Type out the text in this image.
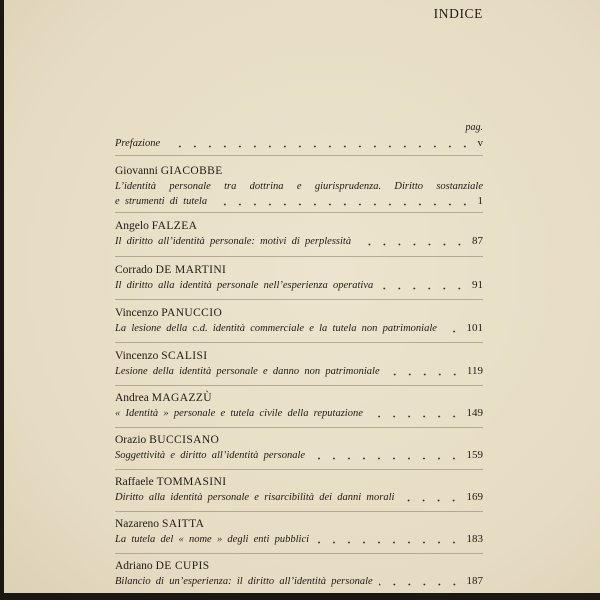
INDICE
pag.
Prefazione	v
Giovanni GIACOBBE
L’identità personale tra dottrina e giurisprudenza. Diritto sostanziale
e strumenti di tutela	1
Angelo FALZEA
Il diritto all’identità personale: motivi di perplessità	87
Corrado DE MARTINI
Il diritto alla identità personale nell’esperienza operativa	91
Vincenzo PANUCCIO
La lesione della c.d. identità commerciale e la tutela non patrimoniale	101
Vincenzo SCALISI
Lesione della identità personale e danno non patrimoniale	119
Andrea MAGAZZÙ
« Identità » personale e tutela civile della reputazione	149
Orazio BUCCISANO
Soggettività e diritto all’identità personale	159
Raffaele TOMMASINI
Diritto alla identità personale e risarcibilità dei danni morali	169
Nazareno SAITTA
La tutela del « nome » degli enti pubblici	183
Adriano DE CUPIS
Bilancio di un’esperienza: il diritto all’identità personale	187
